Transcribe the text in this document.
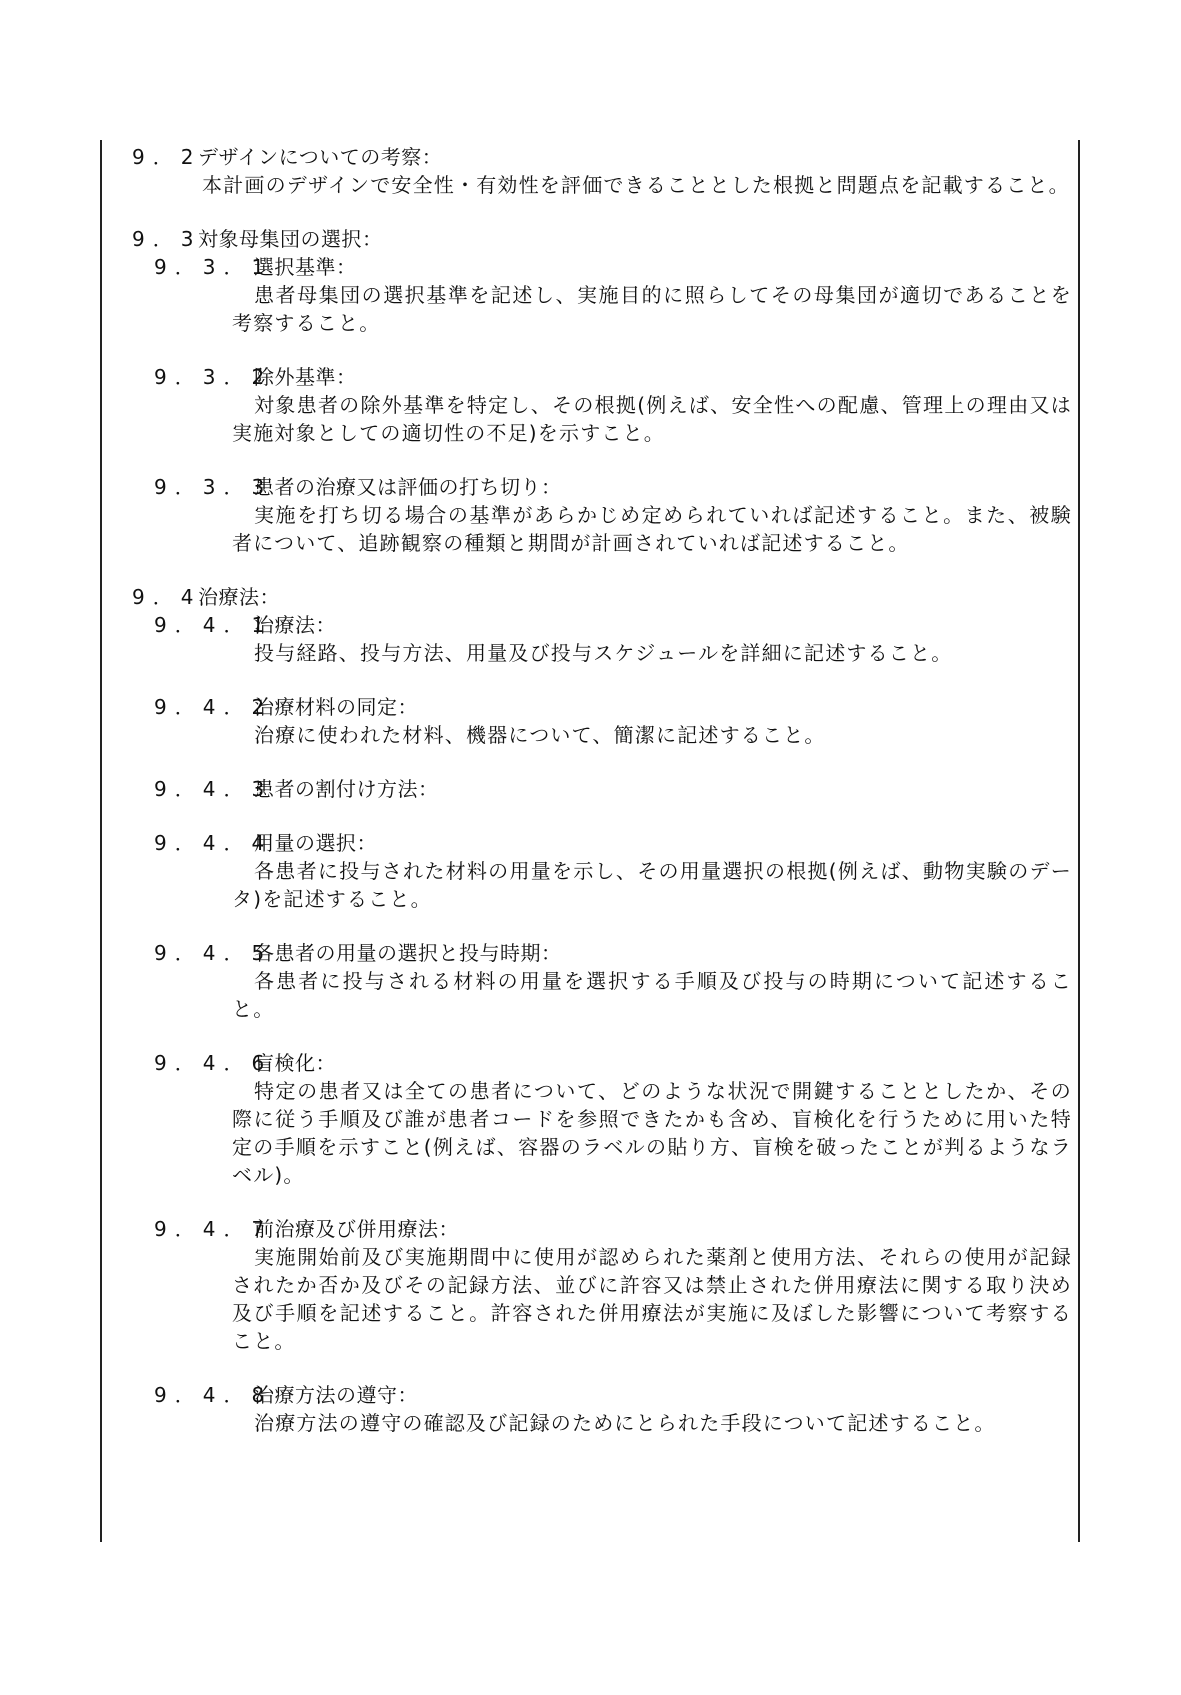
9．2デザインについての考察：
本計画のデザインで安全性・有効性を評価できることとした根拠と問題点を記載すること。
9．3対象母集団の選択：
9．3．1選択基準：
患者母集団の選択基準を記述し、実施目的に照らしてその母集団が適切であることを考察すること。
9．3．2除外基準：
対象患者の除外基準を特定し、その根拠(例えば、安全性への配慮、管理上の理由又は実施対象としての適切性の不足)を示すこと。
9．3．3患者の治療又は評価の打ち切り：
実施を打ち切る場合の基準があらかじめ定められていれば記述すること。また、被験者について、追跡観察の種類と期間が計画されていれば記述すること。
9．4治療法：
9．4．1治療法：
投与経路、投与方法、用量及び投与スケジュールを詳細に記述すること。
9．4．2治療材料の同定：
治療に使われた材料、機器について、簡潔に記述すること。
9．4．3患者の割付け方法：
9．4．4用量の選択：
各患者に投与された材料の用量を示し、その用量選択の根拠(例えば、動物実験のデータ)を記述すること。
9．4．5各患者の用量の選択と投与時期：
各患者に投与される材料の用量を選択する手順及び投与の時期について記述すること。
9．4．6盲検化：
特定の患者又は全ての患者について、どのような状況で開鍵することとしたか、その際に従う手順及び誰が患者コードを参照できたかも含め、盲検化を行うために用いた特定の手順を示すこと(例えば、容器のラベルの貼り方、盲検を破ったことが判るようなラベル)。
9．4．7前治療及び併用療法：
実施開始前及び実施期間中に使用が認められた薬剤と使用方法、それらの使用が記録されたか否か及びその記録方法、並びに許容又は禁止された併用療法に関する取り決め及び手順を記述すること。許容された併用療法が実施に及ぼした影響について考察すること。
9．4．8治療方法の遵守：
治療方法の遵守の確認及び記録のためにとられた手段について記述すること。
